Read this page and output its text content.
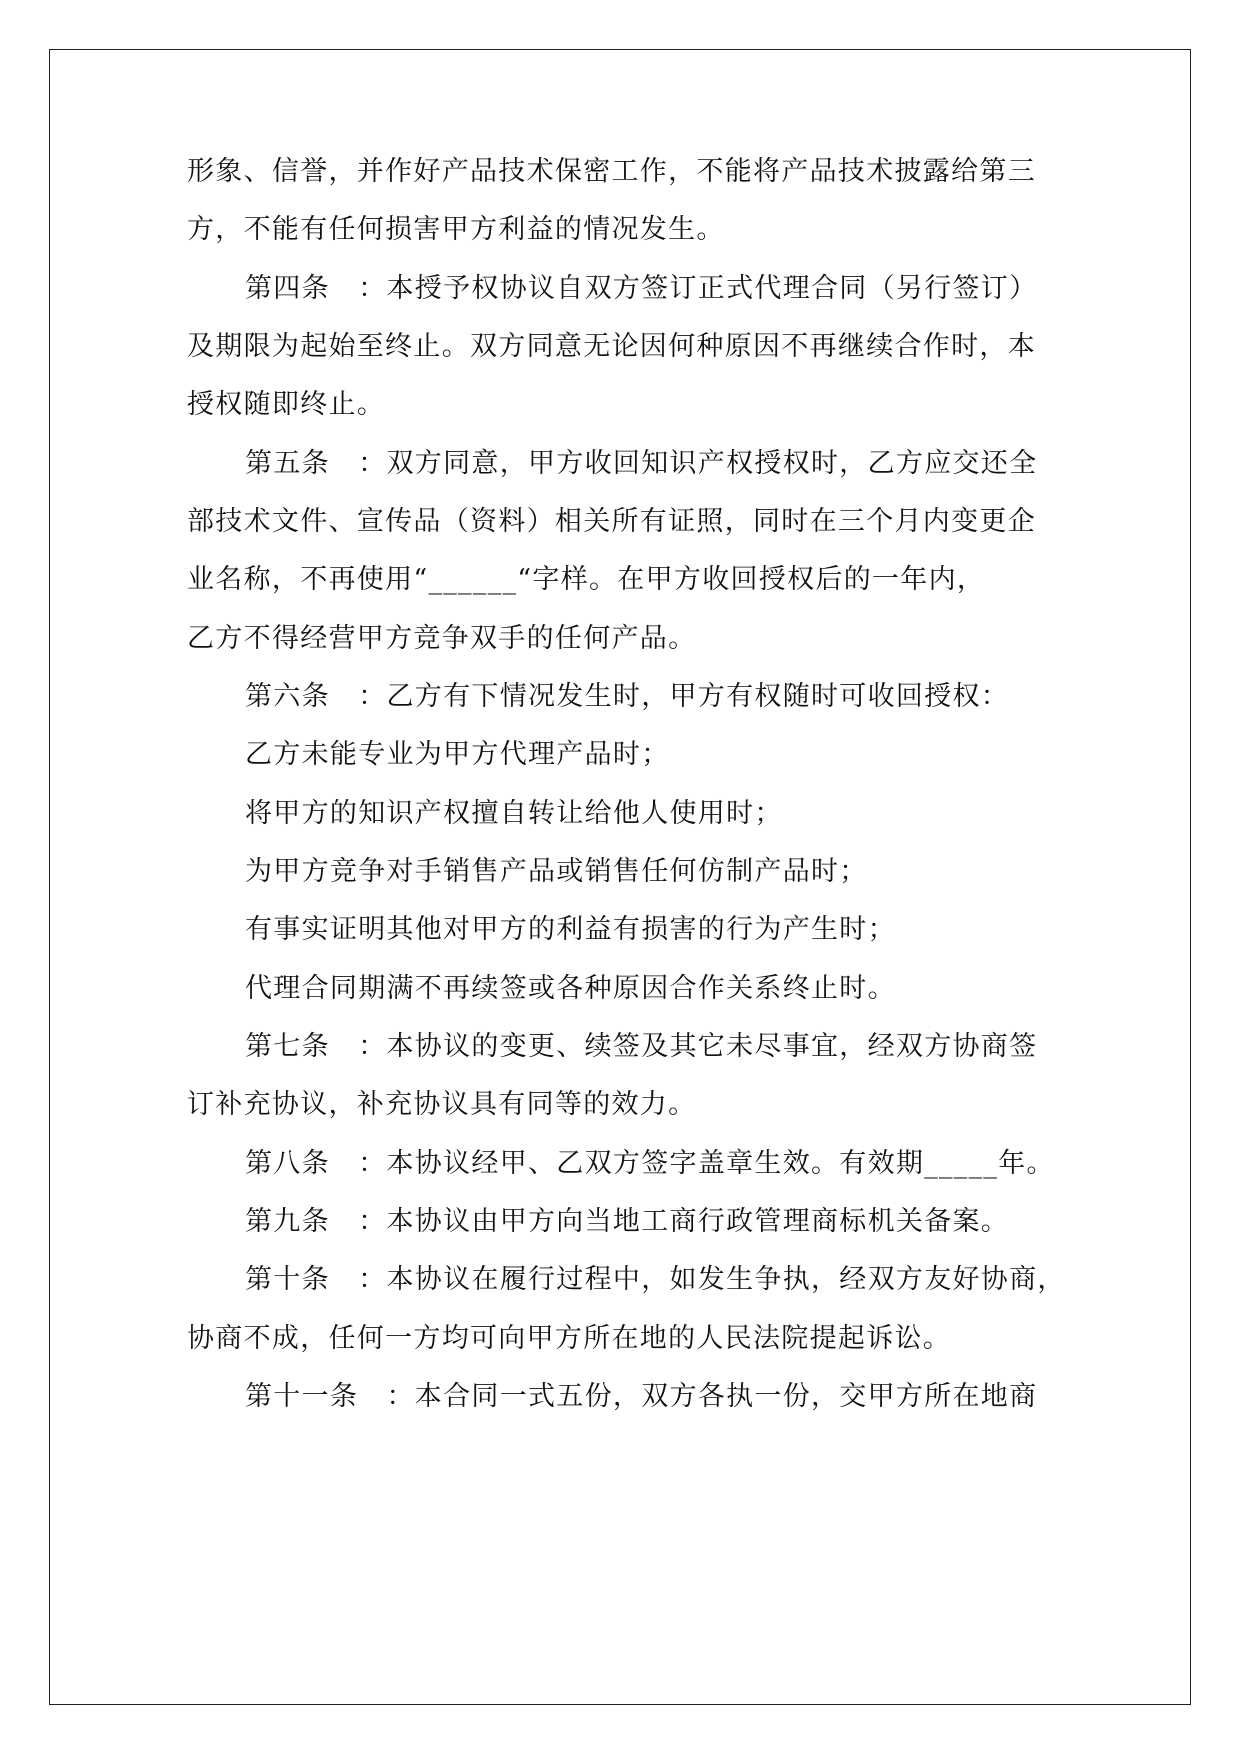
形象、信誉，并作好产品技术保密工作，不能将产品技术披露给第三
方，不能有任何损害甲方利益的情况发生。
第四条　：本授予权协议自双方签订正式代理合同（另行签订）
及期限为起始至终止。双方同意无论因何种原因不再继续合作时，本
授权随即终止。
第五条　：双方同意，甲方收回知识产权授权时，乙方应交还全
部技术文件、宣传品（资料）相关所有证照，同时在三个月内变更企
业名称，不再使用“______“字样。在甲方收回授权后的一年内，
乙方不得经营甲方竞争双手的任何产品。
第六条　：乙方有下情况发生时，甲方有权随时可收回授权：
乙方未能专业为甲方代理产品时；
将甲方的知识产权擅自转让给他人使用时；
为甲方竞争对手销售产品或销售任何仿制产品时；
有事实证明其他对甲方的利益有损害的行为产生时；
代理合同期满不再续签或各种原因合作关系终止时。
第七条　：本协议的变更、续签及其它未尽事宜，经双方协商签
订补充协议，补充协议具有同等的效力。
第八条　：本协议经甲、乙双方签字盖章生效。有效期_____年。
第九条　：本协议由甲方向当地工商行政管理商标机关备案。
第十条　：本协议在履行过程中，如发生争执，经双方友好协商，
协商不成，任何一方均可向甲方所在地的人民法院提起诉讼。
第十一条　：本合同一式五份，双方各执一份，交甲方所在地商
